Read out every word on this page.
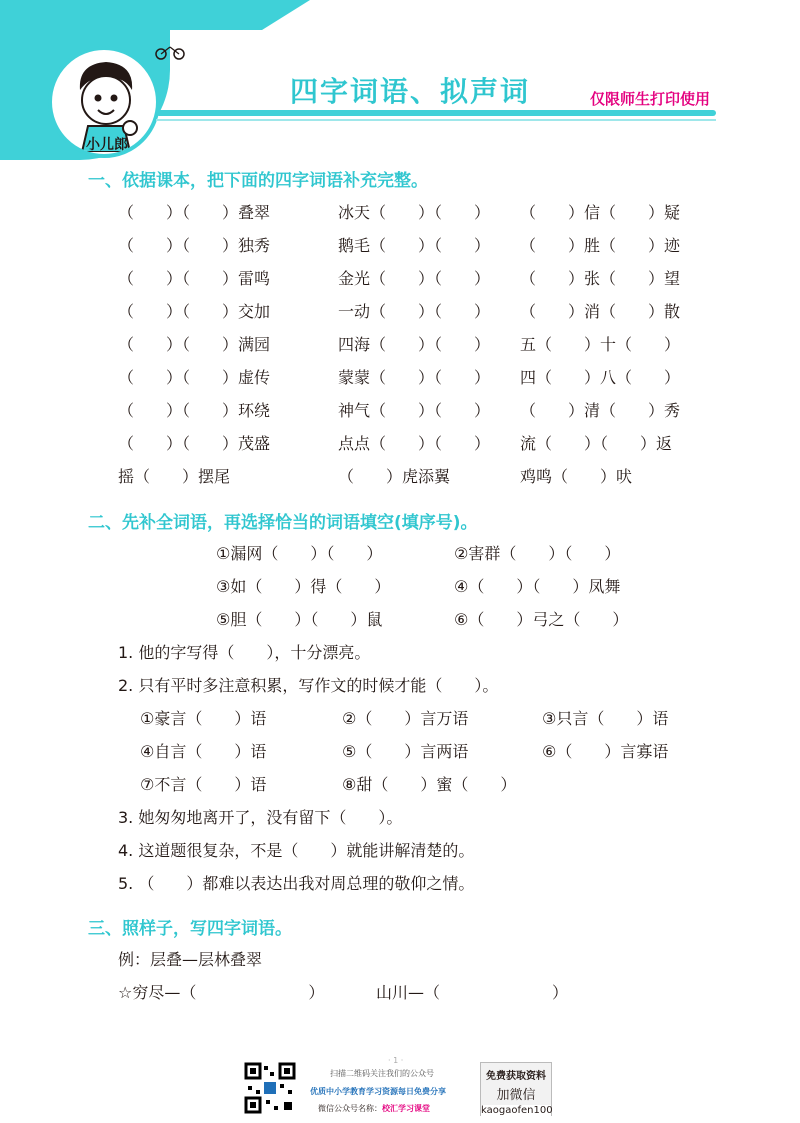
小儿郎
四字词语、拟声词	仅限师生打印使用
一、依据课本，把下面的四字词语补充完整。
（　　）（　　）叠翠	冰天（　　）（　　） （　　）信（　　）疑
（　　）（　　）独秀	鹅毛（　　）（　　） （　　）胜（　　）迹
（　　）（　　）雷鸣	金光（　　）（　　） （　　）张（　　）望
（　　）（　　）交加	一动（　　）（　　） （　　）消（　　）散
（　　）（　　）满园	四海（　　）（　　） 五（　　）十（　　）
（　　）（　　）虚传	蒙蒙（　　）（　　） 四（　　）八（　　）
（　　）（　　）环绕	神气（　　）（　　） （　　）清（　　）秀
（　　）（　　）茂盛	点点（　　）（　　） 流（　　）（　　）返
摇（　　）摆尾	（　　）虎添翼	鸡鸣（　　）吠
二、先补全词语，再选择恰当的词语填空(填序号)。
①漏网（　　）（　　）	②害群（　　）（　　）
③如（　　）得（　　）	④（　　）（　　）凤舞
⑤胆（　　）（　　）鼠	⑥（　　）弓之（　　）
1. 他的字写得（　　），十分漂亮。
2. 只有平时多注意积累，写作文的时候才能（　　）。
①豪言（　　）语	②（　　）言万语	③只言（　　）语
④自言（　　）语	⑤（　　）言两语	⑥（　　）言寡语
⑦不言（　　）语	⑧甜（　　）蜜（　　）
3. 她匆匆地离开了，没有留下（　　）。
4. 这道题很复杂，不是（　　）就能讲解清楚的。
5. （　　）都难以表达出我对周总理的敬仰之情。
三、照样子，写四字词语。
例：层叠—层林叠翠
☆穷尽—（　　　　　　　）	山川—（　　　　　　　）
· 1 ·
扫描二维码关注我们的公众号
优质中小学教育学习资源每日免费分享
微信公众号名称：校汇学习课堂
免费获取资料
加微信
kaogaofen100
